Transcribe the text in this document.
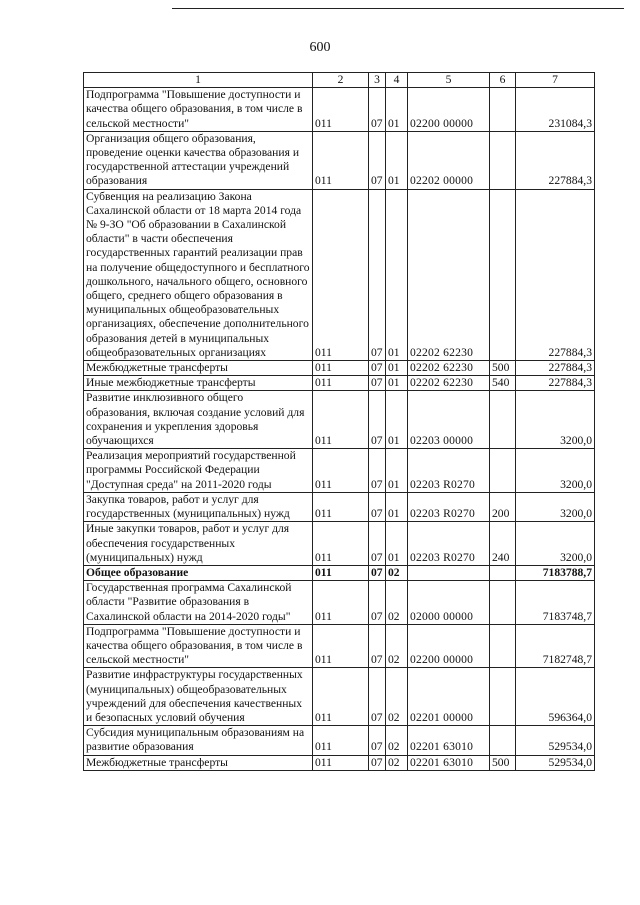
600
1	2	3	4	5	6	7
Подпрограмма "Повышение доступности и качества общего образования, в том числе в сельской местности"	011	07	01	02200 00000		231084,3
Организация общего образования, проведение оценки качества образования и государственной аттестации учреждений образования	011	07	01	02202 00000		227884,3
Субвенция на реализацию Закона Сахалинской области от 18 марта 2014 года № 9-ЗО "Об образовании в Сахалинской области" в части обеспечения государственных гарантий реализации прав на получение общедоступного и бесплатного дошкольного, начального общего, основного общего, среднего общего образования в муниципальных общеобразовательных организациях, обеспечение дополнительного образования детей в муниципальных общеобразовательных организациях	011	07	01	02202 62230		227884,3
Межбюджетные трансферты	011	07	01	02202 62230	500	227884,3
Иные межбюджетные трансферты	011	07	01	02202 62230	540	227884,3
Развитие инклюзивного общего образования, включая создание условий для сохранения и укрепления здоровья обучающихся	011	07	01	02203 00000		3200,0
Реализация мероприятий государственной программы Российской Федерации "Доступная среда" на 2011-2020 годы	011	07	01	02203 R0270		3200,0
Закупка товаров, работ и услуг для государственных (муниципальных) нужд	011	07	01	02203 R0270	200	3200,0
Иные закупки товаров, работ и услуг для обеспечения государственных (муниципальных) нужд	011	07	01	02203 R0270	240	3200,0
Общее образование	011	07	02			7183788,7
Государственная программа Сахалинской области "Развитие образования в Сахалинской области на 2014-2020 годы"	011	07	02	02000 00000		7183748,7
Подпрограмма "Повышение доступности и качества общего образования, в том числе в сельской местности"	011	07	02	02200 00000		7182748,7
Развитие инфраструктуры государственных (муниципальных) общеобразовательных учреждений для обеспечения качественных и безопасных условий обучения	011	07	02	02201 00000		596364,0
Субсидия муниципальным образованиям на развитие образования	011	07	02	02201 63010		529534,0
Межбюджетные трансферты	011	07	02	02201 63010	500	529534,0
